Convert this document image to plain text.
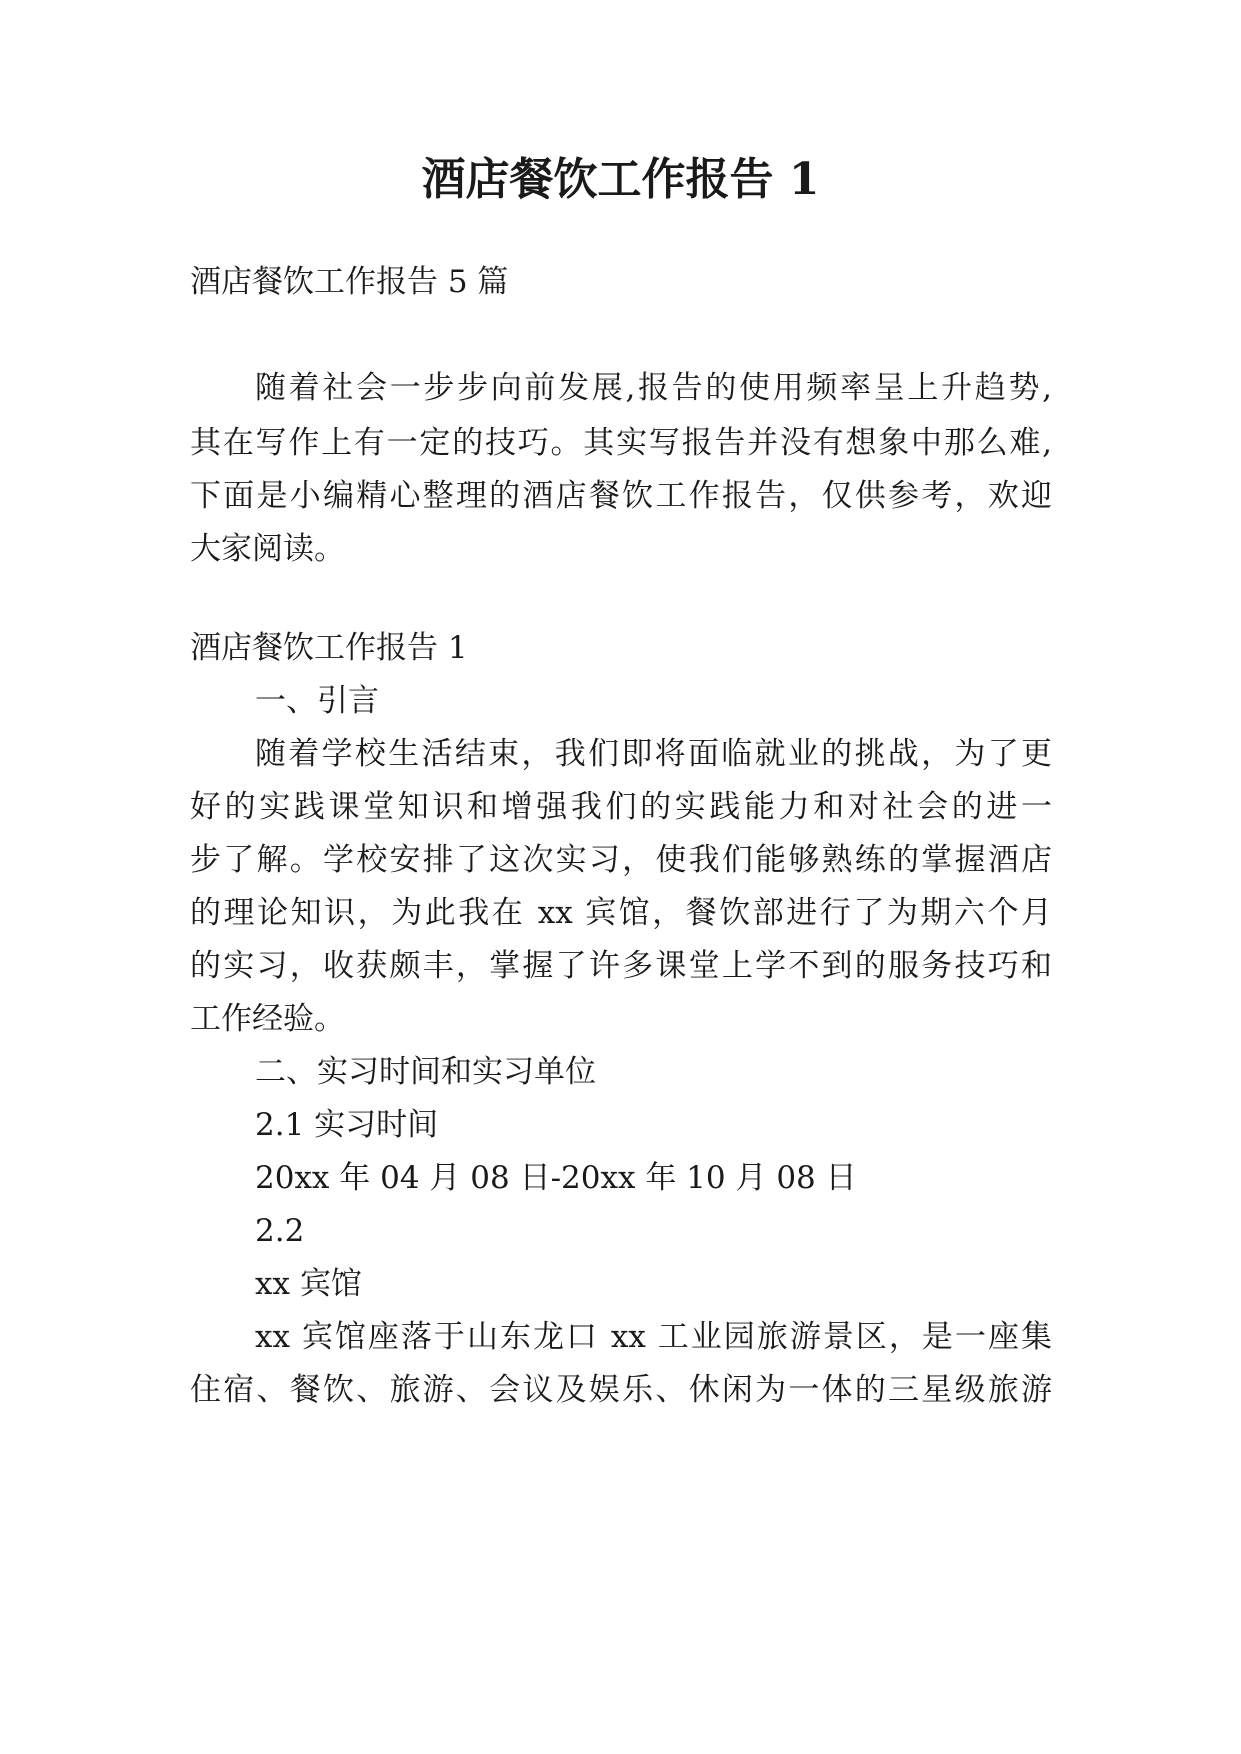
酒店餐饮工作报告 1
酒店餐饮工作报告 5 篇
随着社会一步步向前发展,报告的使用频率呈上升趋势,
其在写作上有一定的技巧。其实写报告并没有想象中那么难,
下面是小编精心整理的酒店餐饮工作报告，仅供参考，欢迎
大家阅读。
酒店餐饮工作报告 1
一、引言
随着学校生活结束，我们即将面临就业的挑战，为了更
好的实践课堂知识和增强我们的实践能力和对社会的进一
步了解。学校安排了这次实习，使我们能够熟练的掌握酒店
的理论知识，为此我在 xx 宾馆，餐饮部进行了为期六个月
的实习，收获颇丰，掌握了许多课堂上学不到的服务技巧和
工作经验。
二、实习时间和实习单位
2.1 实习时间
20xx 年 04 月 08 日-20xx 年 10 月 08 日
2.2
xx 宾馆
xx 宾馆座落于山东龙口 xx 工业园旅游景区，是一座集
住宿、餐饮、旅游、会议及娱乐、休闲为一体的三星级旅游
